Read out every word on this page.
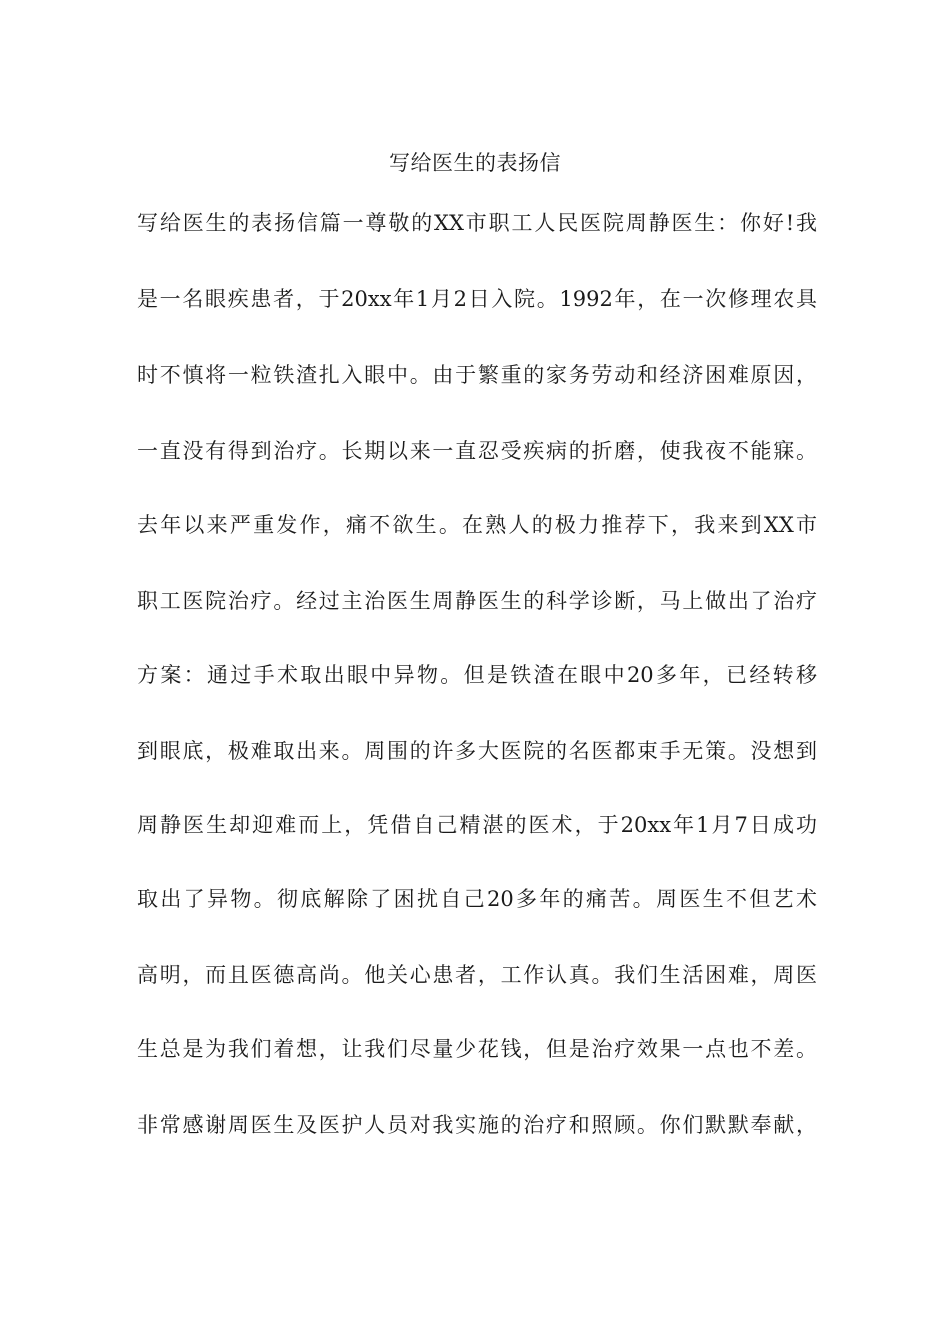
写给医生的表扬信
写给医生的表扬信篇一尊敬的XX市职工人民医院周静医生：你好!我
是一名眼疾患者，于20xx年1月2日入院。1992年，在一次修理农具
时不慎将一粒铁渣扎入眼中。由于繁重的家务劳动和经济困难原因，
一直没有得到治疗。长期以来一直忍受疾病的折磨，使我夜不能寐。
去年以来严重发作，痛不欲生。在熟人的极力推荐下，我来到XX市
职工医院治疗。经过主治医生周静医生的科学诊断，马上做出了治疗
方案：通过手术取出眼中异物。但是铁渣在眼中20多年，已经转移
到眼底，极难取出来。周围的许多大医院的名医都束手无策。没想到
周静医生却迎难而上，凭借自己精湛的医术，于20xx年1月7日成功
取出了异物。彻底解除了困扰自己20多年的痛苦。周医生不但艺术
高明，而且医德高尚。他关心患者，工作认真。我们生活困难，周医
生总是为我们着想，让我们尽量少花钱，但是治疗效果一点也不差。
非常感谢周医生及医护人员对我实施的治疗和照顾。你们默默奉献，
